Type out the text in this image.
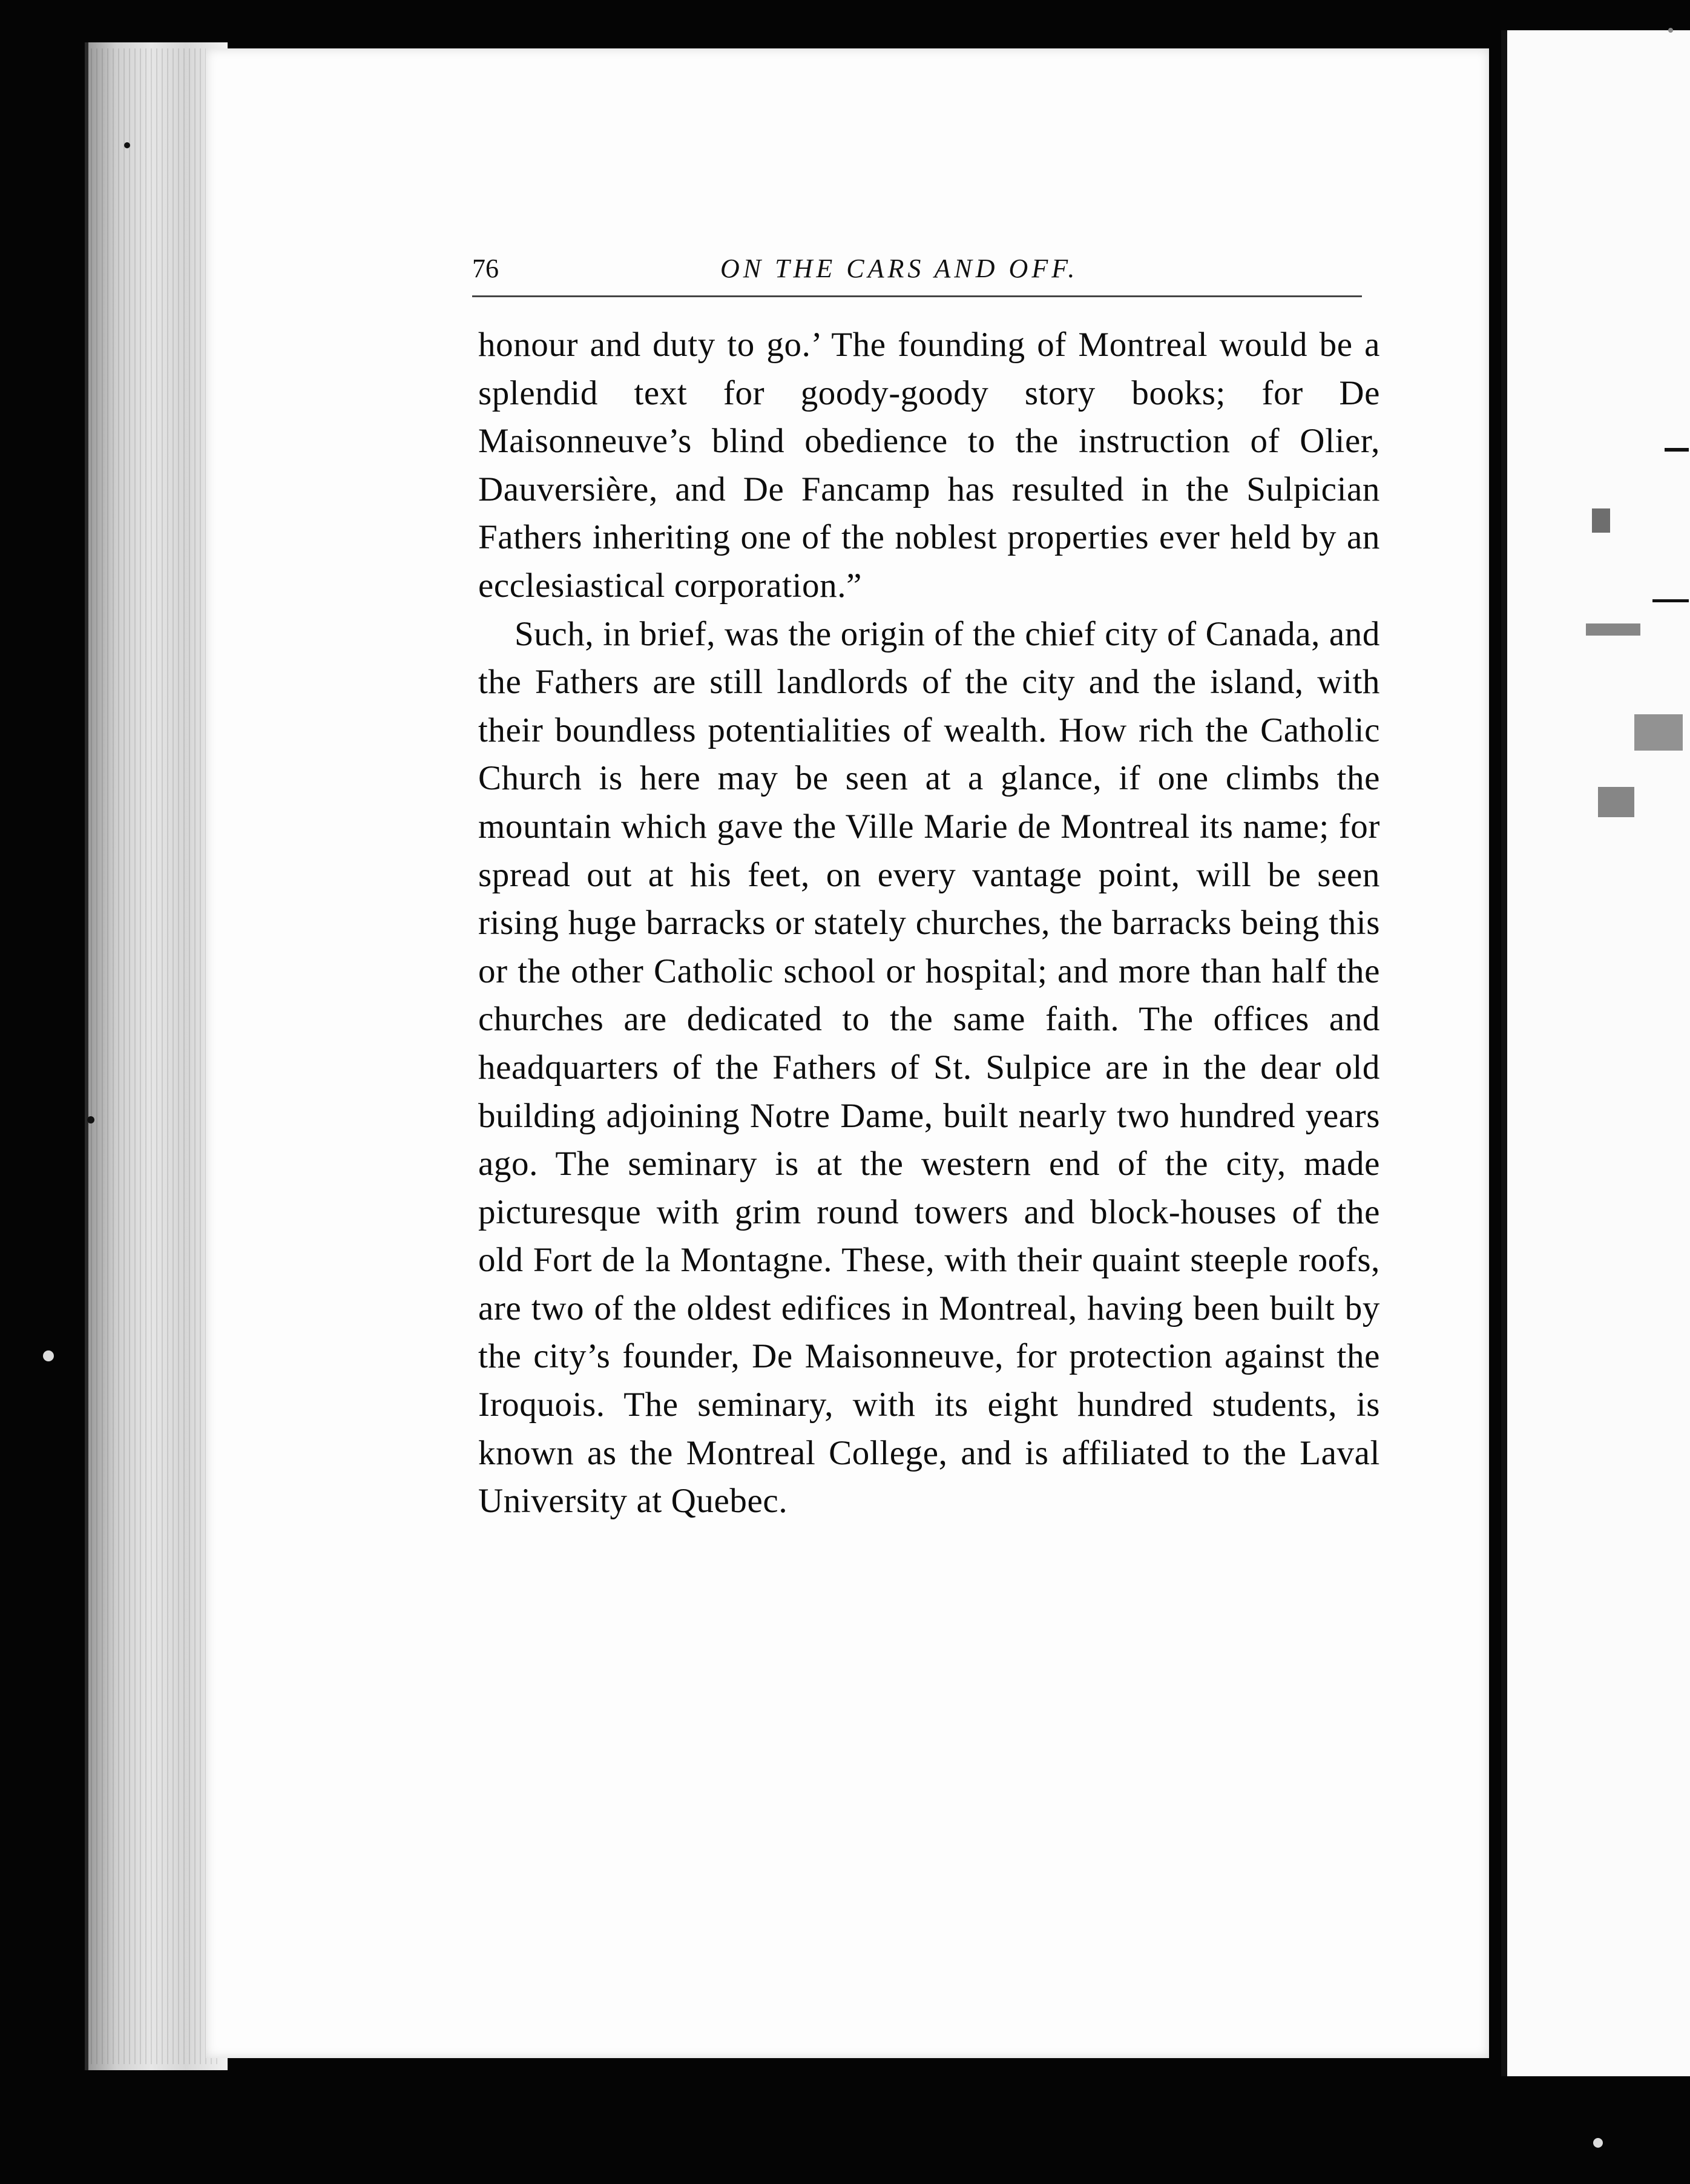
76	ON THE CARS AND OFF.

honour and duty to go.’ The founding of Montreal would be a splendid text for goody-goody story books; for De Maisonneuve’s blind obedience to the instruction of Olier, Dauversière, and De Fancamp has resulted in the Sulpician Fathers inheriting one of the noblest properties ever held by an ecclesiastical corporation.”

Such, in brief, was the origin of the chief city of Canada, and the Fathers are still landlords of the city and the island, with their boundless potentialities of wealth. How rich the Catholic Church is here may be seen at a glance, if one climbs the mountain which gave the Ville Marie de Montreal its name; for spread out at his feet, on every vantage point, will be seen rising huge barracks or stately churches, the barracks being this or the other Catholic school or hospital; and more than half the churches are dedicated to the same faith. The offices and headquarters of the Fathers of St. Sulpice are in the dear old building adjoining Notre Dame, built nearly two hundred years ago. The seminary is at the western end of the city, made picturesque with grim round towers and block-houses of the old Fort de la Montagne. These, with their quaint steeple roofs, are two of the oldest edifices in Montreal, having been built by the city’s founder, De Maisonneuve, for protection against the Iroquois. The seminary, with its eight hundred students, is known as the Montreal College, and is affiliated to the Laval University at Quebec.
